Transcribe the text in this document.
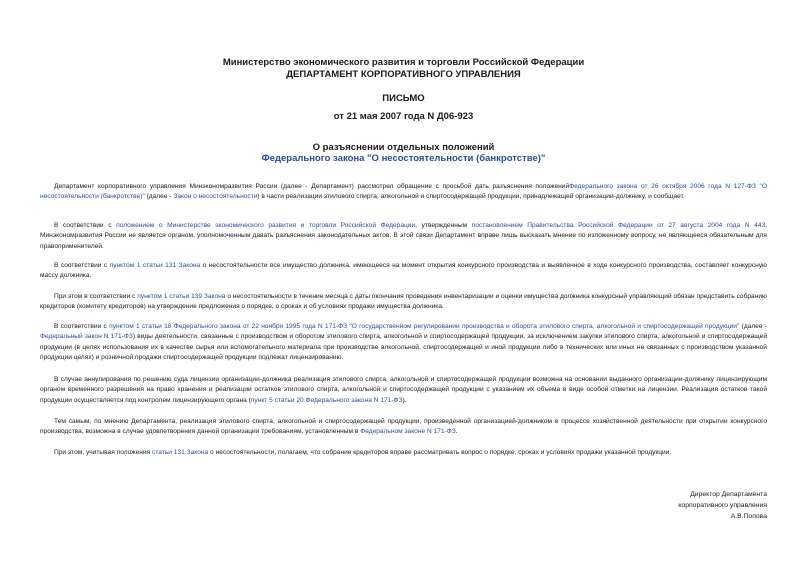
Министерство экономического развития и торговли Российской Федерации
ДЕПАРТАМЕНТ КОРПОРАТИВНОГО УПРАВЛЕНИЯ
ПИСЬМО
от 21 мая 2007 года N Д06-923
О разъяснении отдельных положений
Федерального закона "О несостоятельности (банкротстве)"
Департамент корпоративного управления Минэкономразвития России (далее - Департамент) рассмотрел обращение с просьбой дать разъяснения положенийФедерального закона от 26 октября 2006 года N 127-ФЗ "О несостоятельности (банкротстве)" (далее - Закон о несостоятельности) в части реализации этилового спирта, алкогольной и спиртосодержащей продукции, принадлежащей организации-должнику, и сообщает.
В соответствии с положением о Министерстве экономического развития и торговли Российской Федерации, утвержденным постановлением Правительства Российской Федерации от 27 августа 2004 года N 443, Минэкономразвития России не является органом, уполномоченным давать разъяснения законодательных актов. В этой связи Департамент вправе лишь высказать мнение по изложенному вопросу, не являющееся обязательным для правоприменителей.
В соответствии с пунктом 1 статьи 131 Закона о несостоятельности все имущество должника, имеющееся на момент открытия конкурсного производства и выявленное в ходе конкурсного производства, составляет конкурсную массу должника.
При этом в соответствии с пунктом 1 статьи 139 Закона о несостоятельности в течение месяца с даты окончания проведения инвентаризации и оценки имущества должника конкурсный управляющий обязан представить собранию кредиторов (комитету кредиторов) на утверждение предложения о порядке, о сроках и об условиях продажи имущества должника.
В соответствии с пунктом 1 статьи 18 Федерального закона от 22 ноября 1995 года N 171-ФЗ "О государственном регулировании производства и оборота этилового спирта, алкогольной и спиртосодержащей продукции" (далее - Федеральный закон N 171-ФЗ) виды деятельности, связанные с производством и оборотом этилового спирта, алкогольной и спиртосодержащей продукции, за исключением закупки этилового спирта, алкогольной и спиртосодержащей продукции (в целях использования их в качестве сырья или вспомогательного материала при производстве алкогольной, спиртосодержащей и иной продукции либо в технических или иных не связанных с производством указанной продукции целях) и розничной продажи спиртосодержащей продукции подлежат лицензированию.
В случае аннулирования по решению суда лицензии организации-должника реализация этилового спирта, алкогольной и спиртосодержащей продукции возможна на основании выданного организации-должнику лицензирующим органом временного разрешения на право хранения и реализации остатков этилового спирта, алкогольной и спиртосодержащей продукции с указанием их объема в виде особой отметки на лицензии. Реализация остатков такой продукции осуществляется под контролем лицензирующего органа (пункт 5 статьи 20 Федерального закона N 171-ФЗ).
Тем самым, по мнению Департамента, реализация этилового спирта, алкогольной и спиртосодержащей продукции, произведенной организацией-должником в процессе хозяйственной деятельности при открытии конкурсного производства, возможна в случае удовлетворения данной организации требованиям, установленным в Федеральном законе N 171-ФЗ.
При этом, учитывая положения статьи 131 Закона о несостоятельности, полагаем, что собрание кредиторов вправе рассматривать вопрос о порядке, сроках и условиях продажи указанной продукции.
Директор Департамента
корпоративного управления
А.В.Попова
